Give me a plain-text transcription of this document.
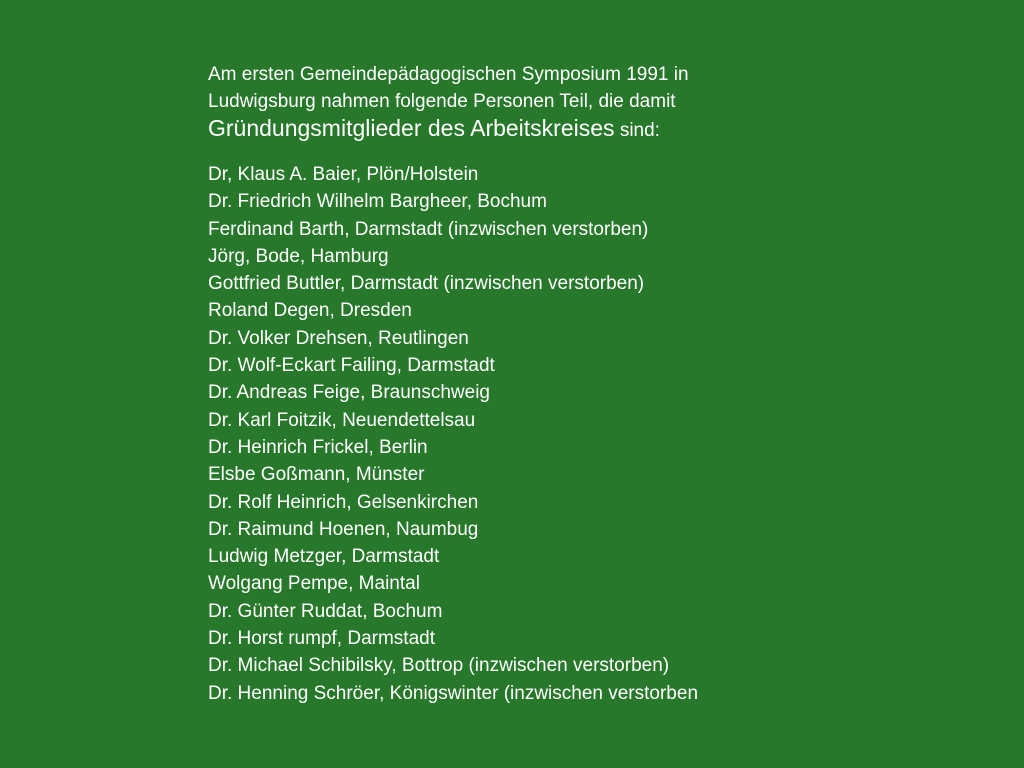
Am ersten Gemeindepädagogischen Symposium 1991 in
Ludwigsburg nahmen folgende Personen Teil, die damit
Gründungsmitglieder des Arbeitskreises sind:
Dr, Klaus A. Baier, Plön/Holstein
Dr. Friedrich Wilhelm Bargheer, Bochum
Ferdinand Barth, Darmstadt (inzwischen verstorben)
Jörg, Bode, Hamburg
Gottfried Buttler, Darmstadt (inzwischen verstorben)
Roland Degen, Dresden
Dr. Volker Drehsen, Reutlingen
Dr. Wolf-Eckart Failing, Darmstadt
Dr. Andreas Feige, Braunschweig
Dr. Karl Foitzik, Neuendettelsau
Dr. Heinrich Frickel, Berlin
Elsbe Goßmann, Münster
Dr. Rolf Heinrich, Gelsenkirchen
Dr. Raimund Hoenen, Naumbug
Ludwig Metzger, Darmstadt
Wolgang Pempe, Maintal
Dr. Günter Ruddat, Bochum
Dr. Horst rumpf, Darmstadt
Dr. Michael Schibilsky, Bottrop (inzwischen verstorben)
Dr. Henning Schröer, Königswinter (inzwischen verstorben
